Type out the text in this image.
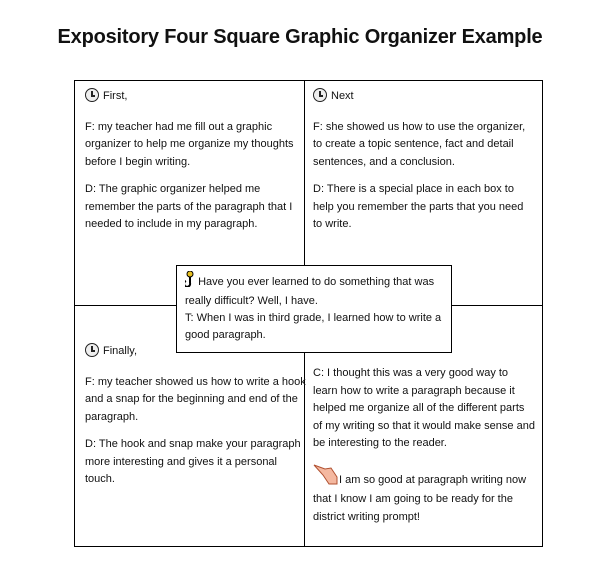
Expository Four Square Graphic Organizer Example

First,

F: my teacher had me fill out a graphic organizer to help me organize my thoughts before I begin writing.

D: The graphic organizer helped me remember the parts of the paragraph that I needed to include in my paragraph.

Next

F: she showed us how to use the organizer, to create a topic sentence, fact and detail sentences, and a conclusion.

D: There is a special place in each box to help you remember the parts that you need to write.

Finally,

F: my teacher showed us how to write a hook and a snap for the beginning and end of the paragraph.

D: The hook and snap make your paragraph more interesting and gives it a personal touch.

C: I thought this was a very good way to learn how to write a paragraph because it helped me organize all of the different parts of my writing so that it would make sense and be interesting to the reader.

I am so good at paragraph writing now that I know I am going to be ready for the district writing prompt!

Have you ever learned to do something that was really difficult? Well, I have.
T: When I was in third grade, I learned how to write a good paragraph.
